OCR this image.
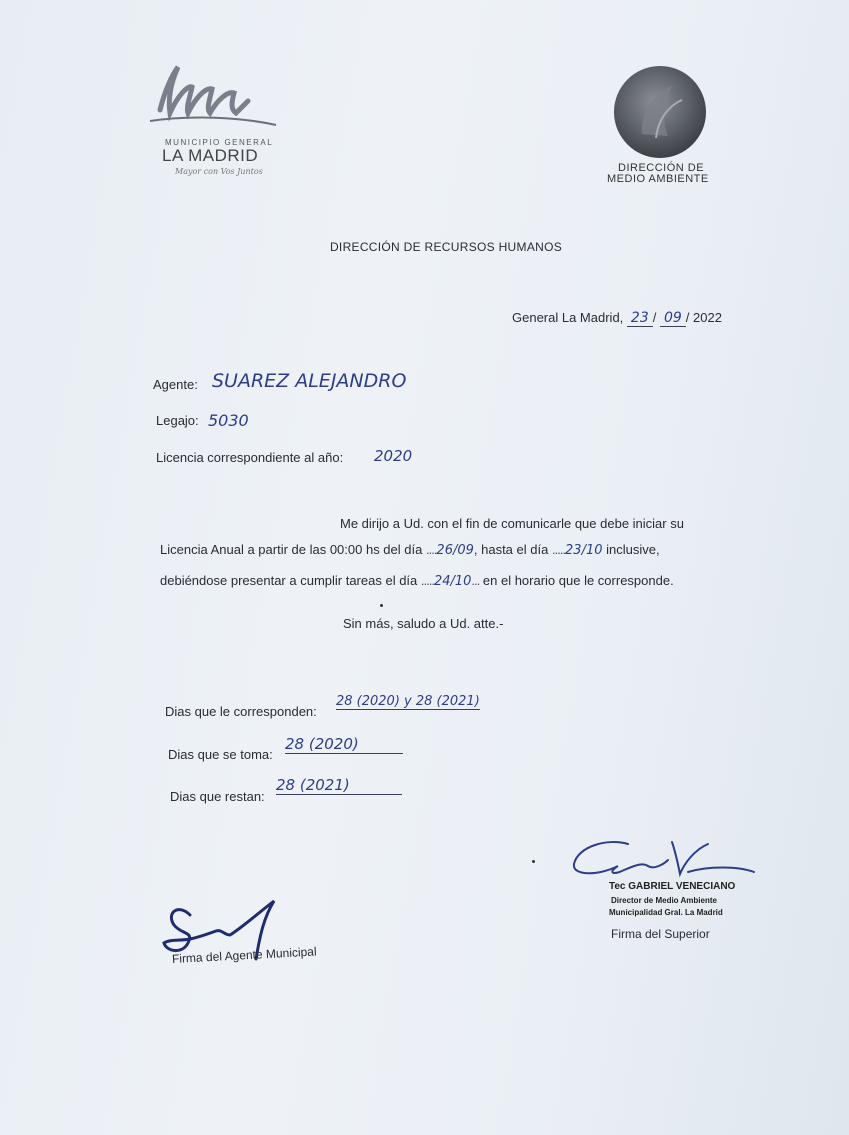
MUNICIPIO GENERAL
LA MADRID
Mayor con Vos Juntos	DIRECCIÓN DE
MEDIO AMBIENTE
DIRECCIÓN DE RECURSOS HUMANOS
General La Madrid, 23 / 09 / 2022
Agente: SUAREZ ALEJANDRO
Legajo: 5030
Licencia correspondiente al año: 2020
Me dirijo a Ud. con el fin de comunicarle que debe iniciar su
Licencia Anual a partir de las 00:00 hs del día ....26/09, hasta el día .....23/10 inclusive,
debiéndose presentar a cumplir tareas el día .....24/10... en el horario que le corresponde.
Sin más, saludo a Ud. atte.-
Dias que le corresponden:
28 (2020) y 28 (2021)
Dias que se toma:
28 (2020)
Dias que restan:
28 (2021)
Tec GABRIEL VENECIANO
Director de Medio Ambiente
Municipalidad Gral. La Madrid
Firma del Superior
Firma del Agente Municipal
